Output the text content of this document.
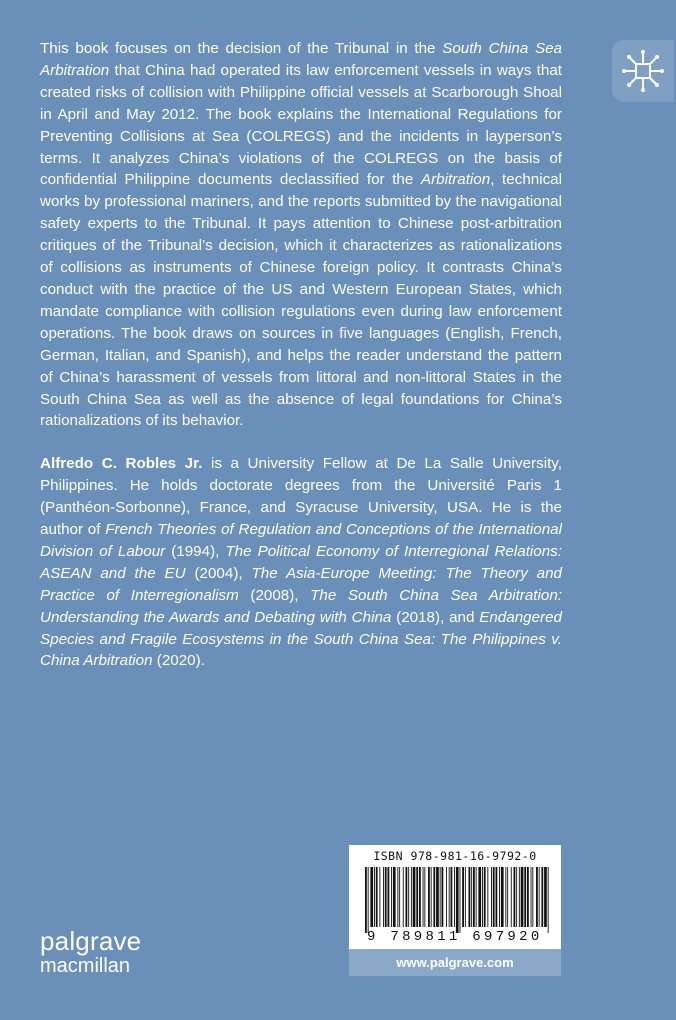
This book focuses on the decision of the Tribunal in the South China Sea Arbitration that China had operated its law enforcement vessels in ways that created risks of collision with Philippine official vessels at Scarborough Shoal in April and May 2012. The book explains the International Regulations for Preventing Collisions at Sea (COLREGS) and the incidents in layperson’s terms. It analyzes China’s violations of the COLREGS on the basis of confidential Philippine documents declassified for the Arbitration, technical works by professional mariners, and the reports submitted by the navigational safety experts to the Tribunal. It pays attention to Chinese post-arbitration critiques of the Tribunal’s decision, which it characterizes as rationalizations of collisions as instruments of Chinese foreign policy. It contrasts China’s conduct with the practice of the US and Western European States, which mandate compliance with collision regulations even during law enforcement operations. The book draws on sources in five languages (English, French, German, Italian, and Spanish), and helps the reader understand the pattern of China’s harassment of vessels from littoral and non-littoral States in the South China Sea as well as the absence of legal foundations for China’s rationalizations of its behavior.

Alfredo C. Robles Jr. is a University Fellow at De La Salle University, Philippines. He holds doctorate degrees from the Université Paris 1 (Panthéon-Sorbonne), France, and Syracuse University, USA. He is the author of French Theories of Regulation and Conceptions of the International Division of Labour (1994), The Political Economy of Interregional Relations: ASEAN and the EU (2004), The Asia-Europe Meeting: The Theory and Practice of Interregionalism (2008), The South China Sea Arbitration: Understanding the Awards and Debating with China (2018), and Endangered Species and Fragile Ecosystems in the South China Sea: The Philippines v. China Arbitration (2020).

palgrave
macmillan
ISBN 978-981-16-9792-0
9 789811 697920
www.palgrave.com
